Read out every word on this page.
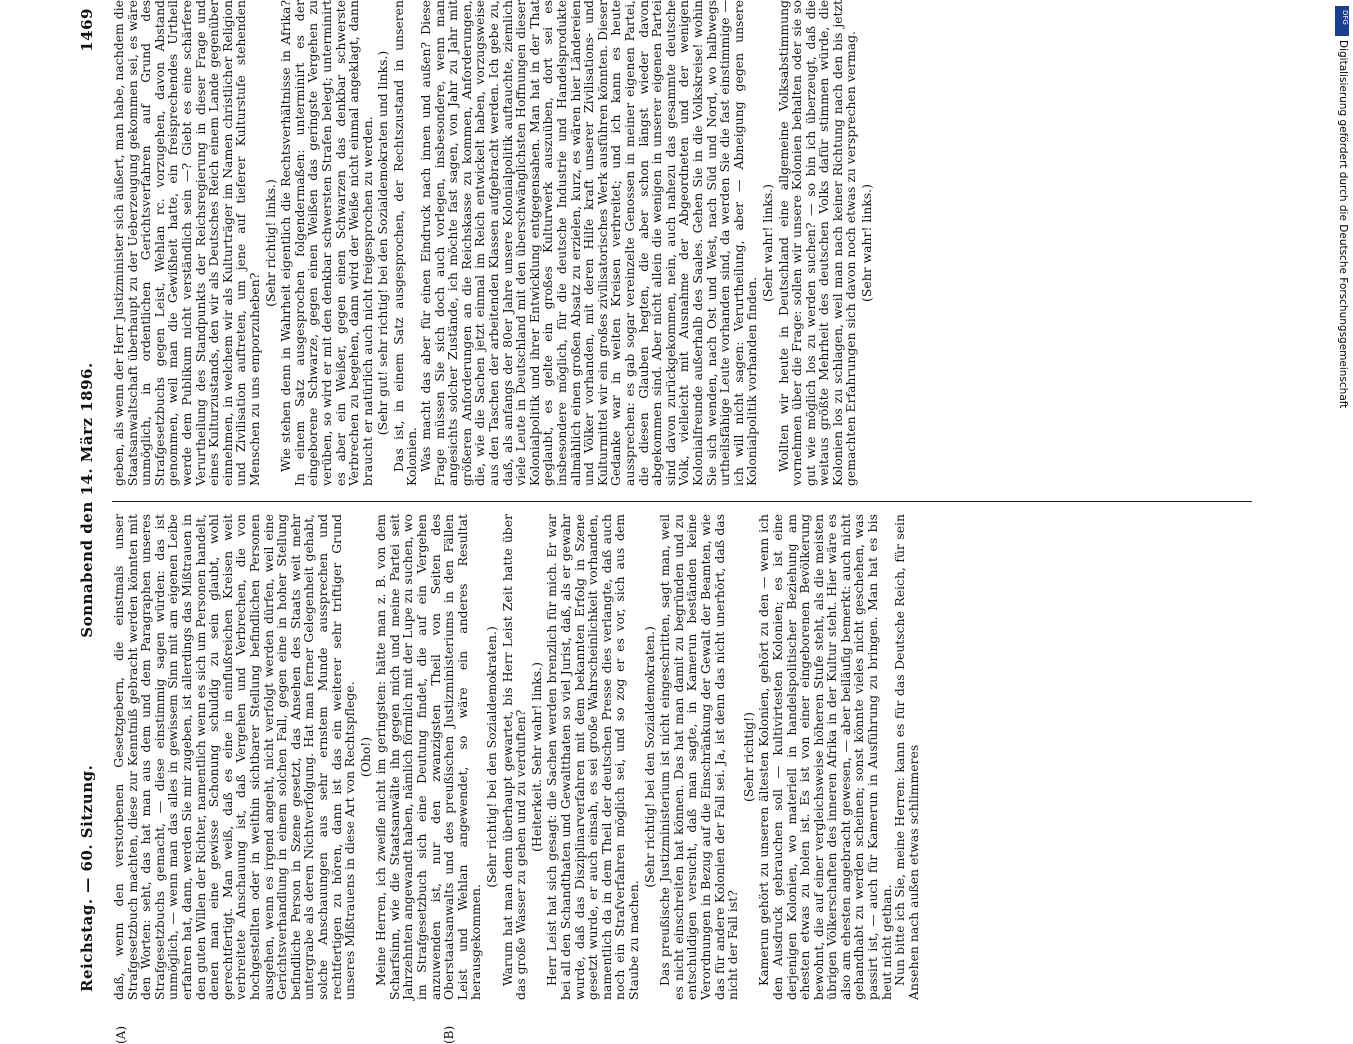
DFG
Digitalisierung gefördert durch die Deutsche Forschungsgemeinschaft
Reichstag. — 60. Sitzung.
Sonnabend den 14. März 1896.
1469
(A)	(B)

daß, wenn den verstorbenen Gesetzgebern, die einstmals unser Strafgesetzbuch machten, diese zur Kenntniß gebracht werden könnten mit den Worten: seht, das hat man aus dem und dem Paragraphen unseres Strafgesetzbuchs gemacht, — diese einstimmig sagen würden: das ist unmöglich, — wenn man das alles in gewissem Sinn mit am eigenen Leibe erfahren hat, dann, werden Sie mir zugeben, ist allerdings das Mißtrauen in den guten Willen der Richter, namentlich wenn es sich um Personen handelt, denen man eine gewisse Schonung schuldig zu sein glaubt, wohl gerechtfertigt. Man weiß, daß es eine in einflußreichen Kreisen weit verbreitete Anschauung ist, daß Vergehen und Verbrechen, die von hochgestellten oder in weithin sichtbarer Stellung befindlichen Personen ausgehen, wenn es irgend angeht, nicht verfolgt werden dürfen, weil eine Gerichtsverhandlung in einem solchen Fall, gegen eine in hoher Stellung befindliche Person in Szene gesetzt, das Ansehen des Staats weit mehr untergrabe als deren Nichtverfolgung. Hat man ferner Gelegenheit gehabt, solche Anschauungen aus sehr ernstem Munde aussprechen und rechtfertigen zu hören, dann ist das ein weiterer sehr triftiger Grund unseres Mißtrauens in diese Art von Rechtspflege. (Oho!) Meine Herren, ich zweifle nicht im geringsten: hätte man z. B. von dem Scharfsinn, wie die Staatsanwälte ihn gegen mich und meine Partei seit Jahrzehnten angewandt haben, nämlich förmlich mit der Lupe zu suchen, wo im Strafgesetzbuch sich eine Deutung findet, die auf ein Vergehen anzuwenden ist, nur den zwanzigsten Theil von Seiten des Oberstaatsanwalts und des preußischen Justizministeriums in den Fällen Leist und Wehlan angewendet, so wäre ein anderes Resultat herausgekommen.

(Sehr richtig! bei den Sozialdemokraten.) Warum hat man denn überhaupt gewartet, bis Herr Leist Zeit hatte über das große Wasser zu gehen und zu verduften? (Heiterkeit. Sehr wahr! links.) Herr Leist hat sich gesagt: die Sachen werden brenzlich für mich. Er war bei all den Schandthaten und Gewaltthaten so viel Jurist, daß, als er gewahr wurde, daß das Disziplinarverfahren mit dem bekannten Erfolg in Szene gesetzt wurde, er auch einsah, es sei große Wahrscheinlichkeit vorhanden, namentlich da in dem Theil der deutschen Presse dies verlangte, daß auch noch ein Strafverfahren möglich sei, und so zog er es vor, sich aus dem Staube zu machen.

(Sehr richtig! bei den Sozialdemokraten.) Das preußische Justizministerium ist nicht eingeschritten, sagt man, weil es nicht einschreiten hat können. Das hat man damit zu begründen und zu entschuldigen versucht, daß man sagte, in Kamerun beständen keine Verordnungen in Bezug auf die Einschränkung der Gewalt der Beamten, wie das für andere Kolonien der Fall sei. Ja, ist denn das nicht unerhört, daß das nicht der Fall ist?

(Sehr richtig!) Kamerun gehört zu unseren ältesten Kolonien, gehört zu den — wenn ich den Ausdruck gebrauchen soll — kultivirtesten Kolonien; es ist eine derjenigen Kolonien, wo materiell in handelspolitischer Beziehung am ehesten etwas zu holen ist. Es ist von einer eingeborenen Bevölkerung bewohnt, die auf einer vergleichsweise höheren Stufe steht, als die meisten übrigen Völkerschaften des inneren Afrika in der Kultur steht. Hier wäre es also am ehesten angebracht gewesen, — aber beiläufig bemerkt: auch nicht gehandhabt zu werden scheinen; sonst könnte vieles nicht geschehen, was passirt ist, — auch für Kamerun in Ausführung zu bringen. Man hat es bis heut nicht gethan.

Nun bitte ich Sie, meine Herren: kann es für das Deutsche Reich, für sein Ansehen nach außen etwas schlimmeres

geben, als wenn der Herr Justizminister sich äußert, man habe, nachdem die Staatsanwaltschaft überhaupt zu der Ueberzeugung gekommen sei, es wäre unmöglich, in ordentlichen Gerichtsverfahren auf Grund des Strafgesetzbuchs gegen Leist, Wehlan rc. vorzugehen, davon Abstand genommen, weil man die Gewißheit hatte, ein freisprechendes Urtheil werde dem Publikum nicht verständlich sein —? Giebt es eine schärfere Verurtheilung des Standpunkts der Reichsregierung in dieser Frage und eines Kulturzustands, den wir als Deutsches Reich einem Lande gegenüber einnehmen, in welchem wir als Kulturträger im Namen christlicher Religion und Zivilisation auftreten, um jene auf tieferer Kulturstufe stehenden Menschen zu uns emporzuheben?

(Sehr richtig! links.) Wie stehen denn in Wahrheit eigentlich die Rechtsverhältnisse in Afrika? In einem Satz ausgesprochen folgendermaßen: unterminirt es der eingeborene Schwarze, gegen einen Weißen das geringste Vergehen zu verüben, so wird er mit den denkbar schwersten Strafen belegt; unterminirt es aber ein Weißer, gegen einen Schwarzen das denkbar schwerste Verbrechen zu begehen, dann wird der Weiße nicht einmal angeklagt, dann braucht er natürlich auch nicht freigesprochen zu werden. (Sehr gut! sehr richtig! bei den Sozialdemokraten und links.) Das ist, in einem Satz ausgesprochen, der Rechtszustand in unseren Kolonien.

Was macht das aber für einen Eindruck nach innen und außen? Diese Frage müssen Sie sich doch auch vorlegen, insbesondere, wenn man angesichts solcher Zustände, ich möchte fast sagen, von Jahr zu Jahr mit größeren Anforderungen an die Reichskasse zu kommen, Anforderungen, die, wie die Sachen jetzt einmal im Reich entwickelt haben, vorzugsweise aus den Taschen der arbeitenden Klassen aufgebracht werden. Ich gebe zu, daß, als anfangs der 80er Jahre unsere Kolonialpolitik auftauchte, ziemlich viele Leute in Deutschland mit den überschwänglichsten Hoffnungen dieser Kolonialpolitik und ihrer Entwicklung entgegensahen. Man hat in der That geglaubt, es gelte ein großes Kulturwerk auszuüben, dort sei es insbesondere möglich, für die deutsche Industrie und Handelsprodukte allmählich einen großen Absatz zu erzielen, kurz, es wären hier Ländereien und Völker vorhanden, mit deren Hilfe kraft unserer Zivilisations- und Kulturmittel wir ein großes zivilisatorisches Werk ausführen könnten. Dieser Gedanke war in weiten Kreisen verbreitet; und ich kann es heute aussprechen: es gab sogar vereinzelte Genossen in meiner eigenen Partei, die diesen Glauben hegten, die aber schon längst wieder davon abgekommen sind. Aber nicht allein die wenigen in unserer eigenen Partei sind davon zurückgekommen, nein, auch nahezu das gesammte deutsche Volk, vielleicht mit Ausnahme der Abgeordneten und der wenigen Kolonialfreunde außerhalb des Saales. Gehen Sie in die Volkskreise! wohin Sie sich wenden, nach Ost und West, nach Süd und Nord, wo halbwegs urtheilsfähige Leute vorhanden sind, da werden Sie die fast einstimmige — ich will nicht sagen: Verurtheilung, aber — Abneigung gegen unsere Kolonialpolitik vorhanden finden.

(Sehr wahr! links.) Wollten wir heute in Deutschland eine allgemeine Volksabstimmung vornehmen über die Frage: sollen wir unsere Kolonien behalten oder sie so gut wie möglich los zu werden suchen? — so bin ich überzeugt, daß die weitaus größte Mehrheit des deutschen Volks dafür stimmen würde, die Kolonien los zu schlagen, weil man nach keiner Richtung nach den bis jetzt gemachten Erfahrungen sich davon noch etwas zu versprechen vermag. (Sehr wahr! links.)
